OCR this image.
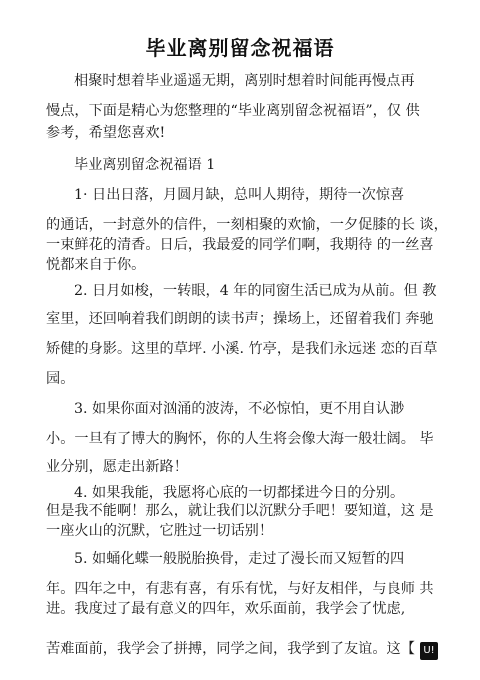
毕业离别留念祝福语
相聚时想着毕业遥遥无期，离别时想着时间能再慢点再
慢点，下面是精心为您整理的“毕业离别留念祝福语”，仅 供
参考，希望您喜欢!
毕业离别留念祝福语 1
1· 日出日落，月圆月缺，总叫人期待，期待一次惊喜
的通话，一封意外的信件，一刻相聚的欢愉，一夕促膝的长 谈，
一束鲜花的清香。日后，我最爱的同学们啊，我期待 的一丝喜
悦都来自于你。
2. 日月如梭，一转眼，4 年的同窗生活已成为从前。但 教
室里，还回响着我们朗朗的读书声；操场上，还留着我们 奔驰
矫健的身影。这里的草坪. 小溪. 竹亭，是我们永远迷 恋的百草
园。
3. 如果你面对汹涌的波涛，不必惊怕，更不用自认渺
小。一旦有了博大的胸怀，你的人生将会像大海一般壮阔。 毕
业分别，愿走出新路！
4. 如果我能，我愿将心底的一切都揉进今日的分别。
但是我不能啊！那么，就让我们以沉默分手吧！要知道，这 是
一座火山的沉默，它胜过一切话别！
5. 如蛹化蝶一般脱胎换骨，走过了漫长而又短暂的四
年。四年之中，有悲有喜，有乐有忧，与好友相伴，与良师 共
进。我度过了最有意义的四年，欢乐面前，我学会了忧虑,
苦难面前，我学会了拼搏，同学之间，我学到了友谊。这【 U!
